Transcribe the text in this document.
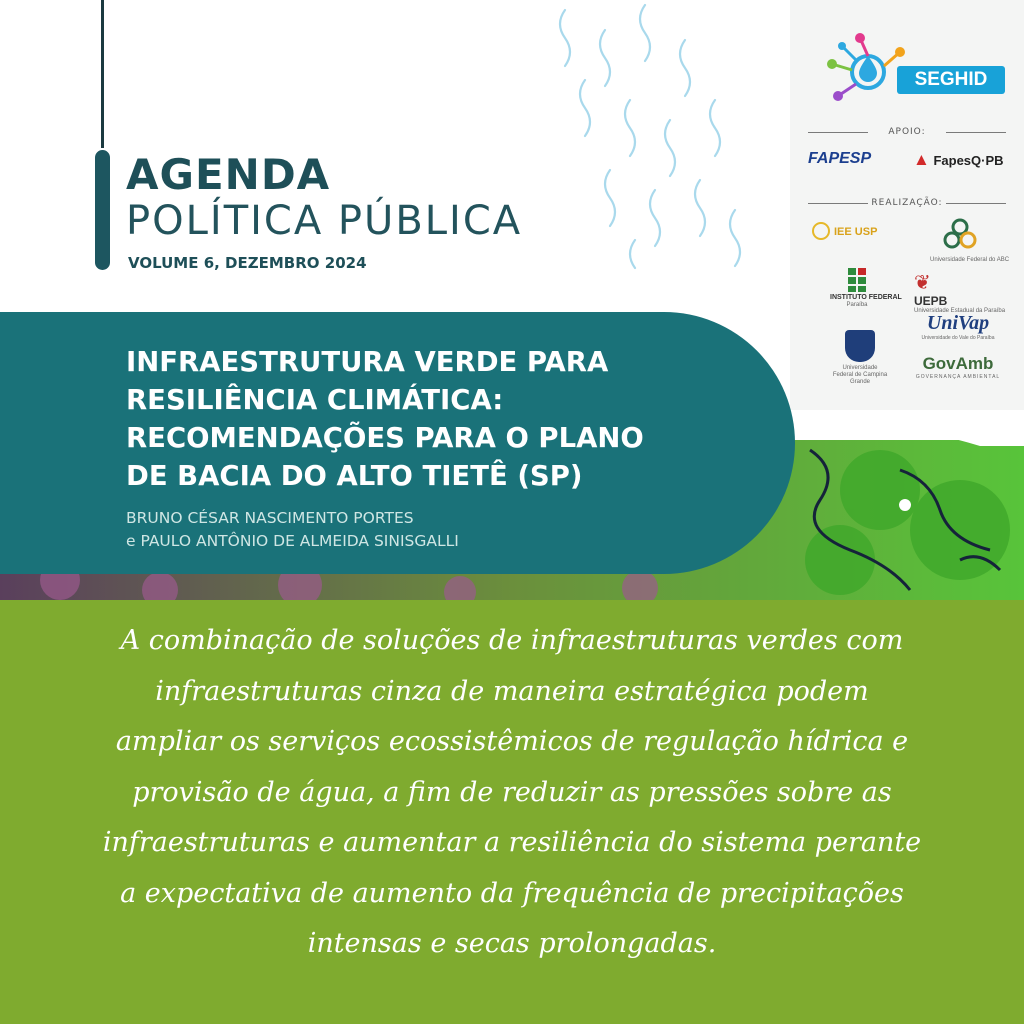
AGENDA
POLÍTICA PÚBLICA
VOLUME 6, DEZEMBRO 2024
SEGHID
APOIO:
FAPESP ▲ FapesQ·PB
REALIZAÇÃO:
IEE USP
Universidade Federal do ABC
INSTITUTO FEDERAL
Paraíba
❦
UEPB
Universidade Estadual da Paraíba
UniVap
Universidade do Vale do Paraíba
Universidade Federal de Campina Grande
GovAmb
GOVERNANÇA AMBIENTAL
INFRAESTRUTURA VERDE PARA
RESILIÊNCIA CLIMÁTICA:
RECOMENDAÇÕES PARA O PLANO
DE BACIA DO ALTO TIETÊ (SP)
BRUNO CÉSAR NASCIMENTO PORTES
e PAULO ANTÔNIO DE ALMEIDA SINISGALLI
A combinação de soluções de infraestruturas verdes com
infraestruturas cinza de maneira estratégica podem
ampliar os serviços ecossistêmicos de regulação hídrica e
provisão de água, a fim de reduzir as pressões sobre as
infraestruturas e aumentar a resiliência do sistema perante
a expectativa de aumento da frequência de precipitações
intensas e secas prolongadas.
